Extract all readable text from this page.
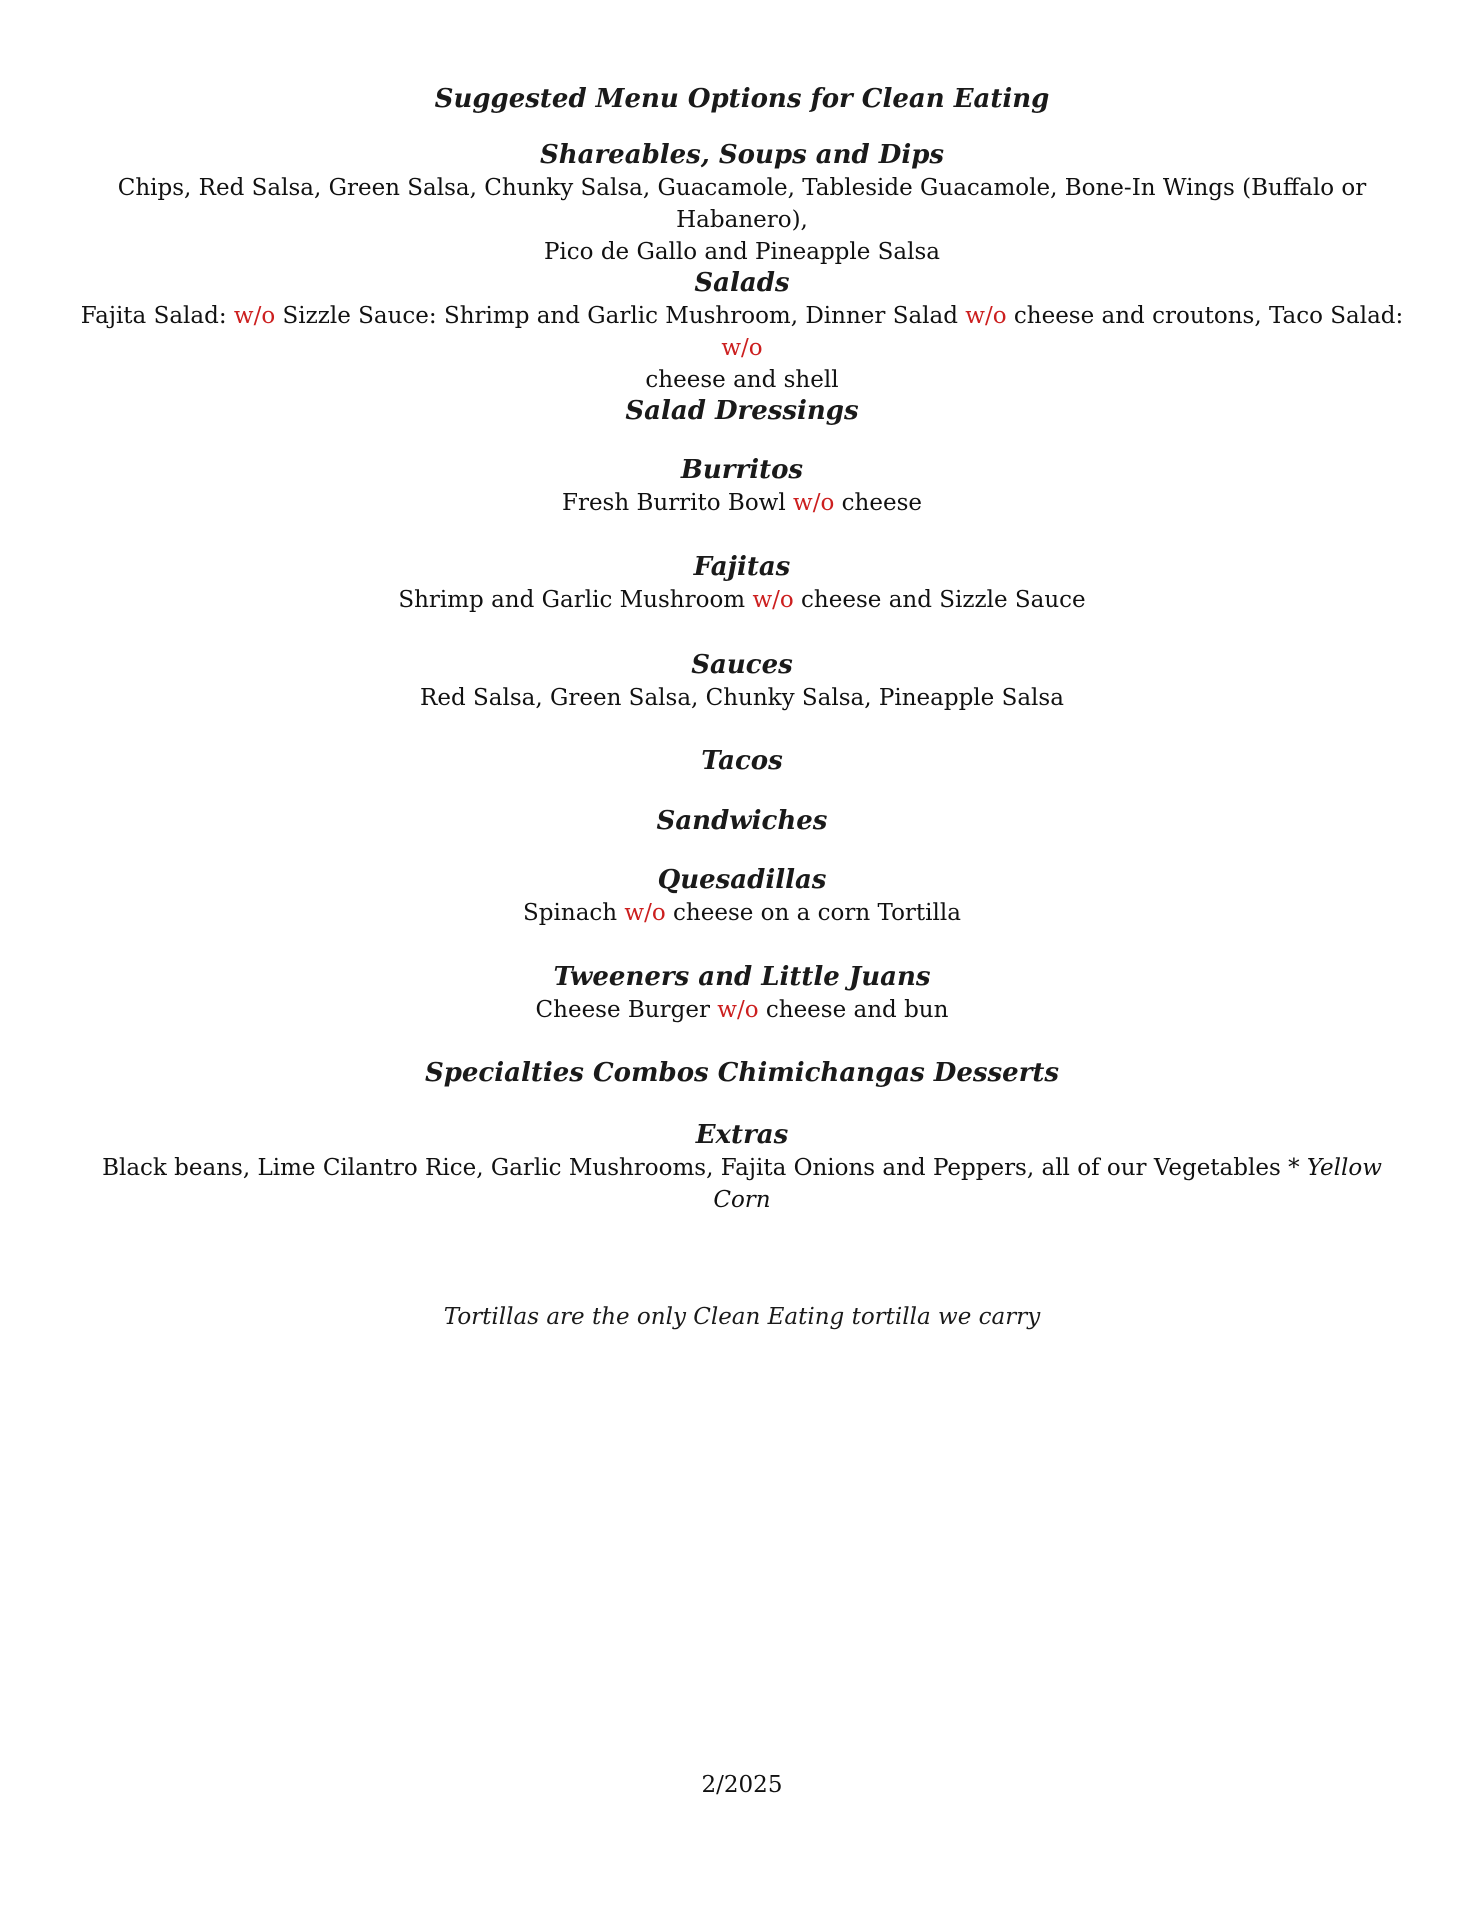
Suggested Menu Options for Clean Eating
Shareables, Soups and Dips
Chips, Red Salsa, Green Salsa, Chunky Salsa, Guacamole, Tableside Guacamole, Bone-In Wings (Buffalo or Habanero),
Pico de Gallo and Pineapple Salsa
Salads
Fajita Salad: w/o Sizzle Sauce: Shrimp and Garlic Mushroom, Dinner Salad w/o cheese and croutons, Taco Salad: w/o
cheese and shell
Salad Dressings
Burritos
Fresh Burrito Bowl w/o cheese
Fajitas
Shrimp and Garlic Mushroom w/o cheese and Sizzle Sauce
Sauces
Red Salsa, Green Salsa, Chunky Salsa, Pineapple Salsa
Tacos
Sandwiches
Quesadillas
Spinach w/o cheese on a corn Tortilla
Tweeners and Little Juans
Cheese Burger w/o cheese and bun
Specialties Combos Chimichangas Desserts
Extras
Black beans, Lime Cilantro Rice, Garlic Mushrooms, Fajita Onions and Peppers, all of our Vegetables * Yellow Corn
Tortillas are the only Clean Eating tortilla we carry
2/2025
